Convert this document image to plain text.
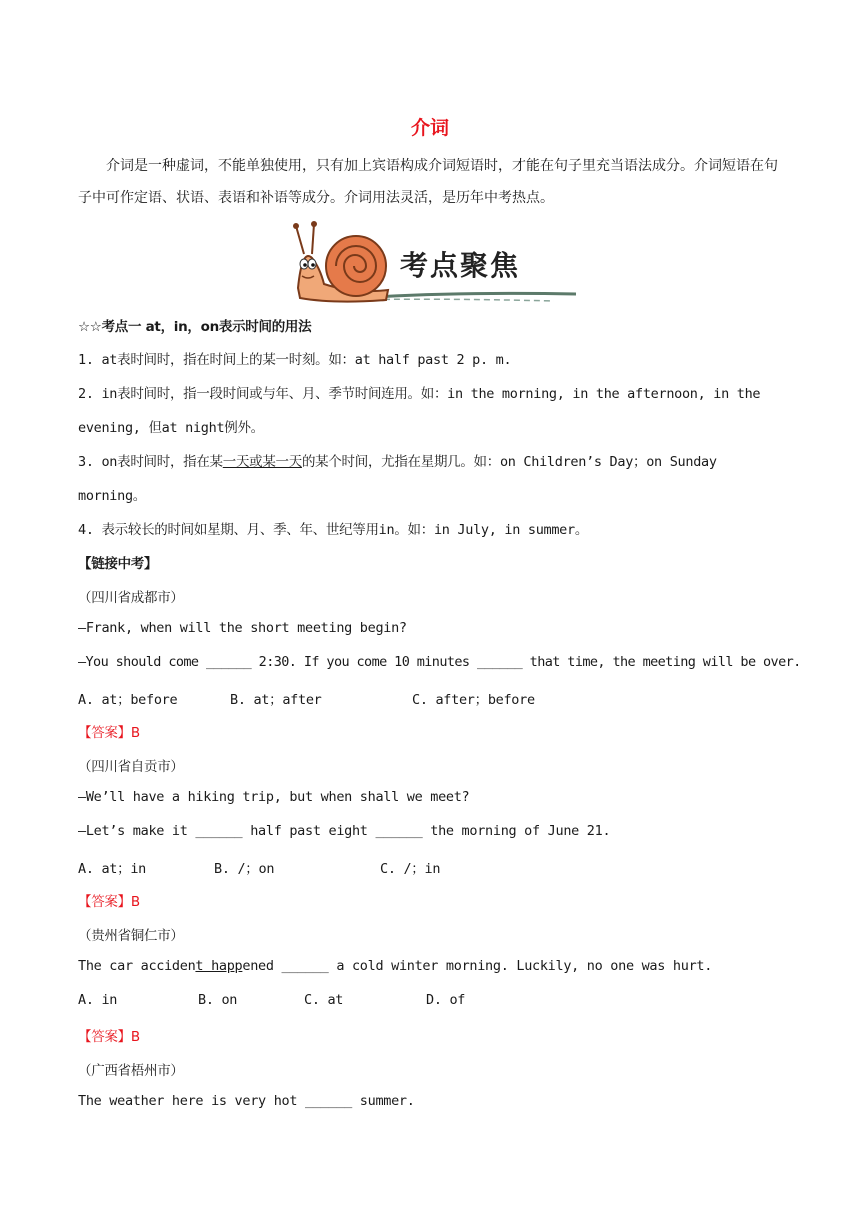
介词
介词是一种虚词，不能单独使用，只有加上宾语构成介词短语时，才能在句子里充当语法成分。介词短语在句子中可作定语、状语、表语和补语等成分。介词用法灵活，是历年中考热点。
考点聚焦
☆☆考点一 at，in，on表示时间的用法
1. at表时间时，指在时间上的某一时刻。如：at half past 2 p. m.
2. in表时间时，指一段时间或与年、月、季节时间连用。如：in the morning, in the afternoon, in the
evening, 但at night例外。
3. on表时间时，指在某一天或某一天的某个时间，尤指在星期几。如：on Children’s Day；on Sunday
morning。
4. 表示较长的时间如星期、月、季、年、世纪等用in。如：in July, in summer。
【链接中考】
（四川省成都市）
—Frank, when will the short meeting begin?
—You should come ______ 2:30. If you come 10 minutes ______ that time, the meeting will be over.
A. at；before	B. at；after	C. after；before
【答案】B
（四川省自贡市）
—We’ll have a hiking trip, but when shall we meet?
—Let’s make it ______ half past eight ______ the morning of June 21.
A. at；in	B. /；on	C. /；in
【答案】B
（贵州省铜仁市）
The car accident happened ______ a cold winter morning. Luckily, no one was hurt.
A. in	B. on	C. at	D. of
【答案】B
（广西省梧州市）
The weather here is very hot ______ summer.
